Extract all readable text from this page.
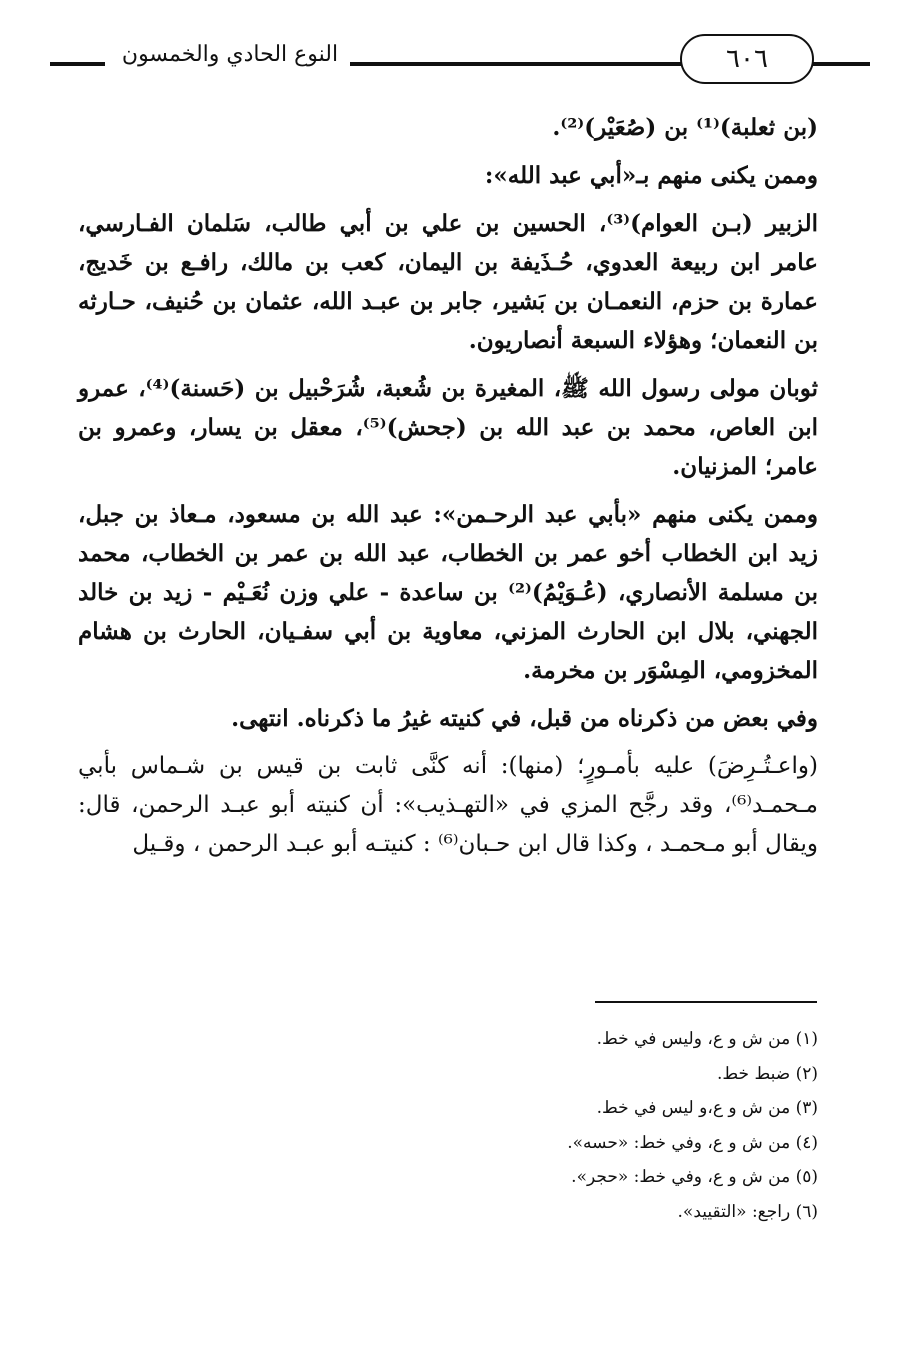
النوع الحادي والخمسون	٦٠٦

(بن ثعلبة)⁽¹⁾ بن (صُعَيْر)⁽²⁾.

وممن يكنى منهم بـ«أبي عبد الله»:

الزبير (بـن العوام)⁽³⁾، الحسين بن علي بن أبي طالب، سَلمان الفـارسي، عامر ابن ربيعة العدوي، حُـذَيفة بن اليمان، كعب بن مالك، رافـع بن خَديج، عمارة بن حزم، النعمـان بن بَشير، جابر بن عبـد الله، عثمان بن حُنيف، حـارثه بن النعمان؛ وهؤلاء السبعة أنصاريون.

ثوبان مولى رسول الله ﷺ، المغيرة بن شُعبة، شُرَحْبيل بن (حَسنة)⁽⁴⁾، عمرو ابن العاص، محمد بن عبد الله بن (جحش)⁽⁵⁾، معقل بن يسار، وعمرو بن عامر؛ المزنيان.

وممن يكنى منهم «بأبي عبد الرحـمن»: عبد الله بن مسعود، مـعاذ بن جبل، زيد ابن الخطاب أخو عمر بن الخطاب، عبد الله بن عمر بن الخطاب، محمد بن مسلمة الأنصاري، (عُـوَيْمُ)⁽²⁾ بن ساعدة - علي وزن نُعَـيْم - زيد بن خالد الجهني، بلال ابن الحارث المزني، معاوية بن أبي سفـيان، الحارث بن هشام المخزومي، المِسْوَر بن مخرمة.

وفي بعض من ذكرناه من قبل، في كنيته غيرُ ما ذكرناه. انتهى.

(واعـتُـرِضَ) عليه بأمـورٍ؛ (منها): أنه كنَّى ثابت بن قيس بن شـماس بأبي مـحمـد⁽⁶⁾، وقد رجَّح المزي في «التهـذيب»: أن كنيته أبو عبـد الرحمن، قال: ويقال أبو مـحمـد ، وكذا قال ابن حـبان⁽⁶⁾ : كنيتـه أبو عبـد الرحمن ، وقـيل

(١) من ش و ع، وليس في خط.
(٢) ضبط خط.
(٣) من ش و ع،و ليس في خط.
(٤) من ش و ع، وفي خط: «حسه».
(٥) من ش و ع، وفي خط: «حجر».
(٦) راجع: «التقييد».
